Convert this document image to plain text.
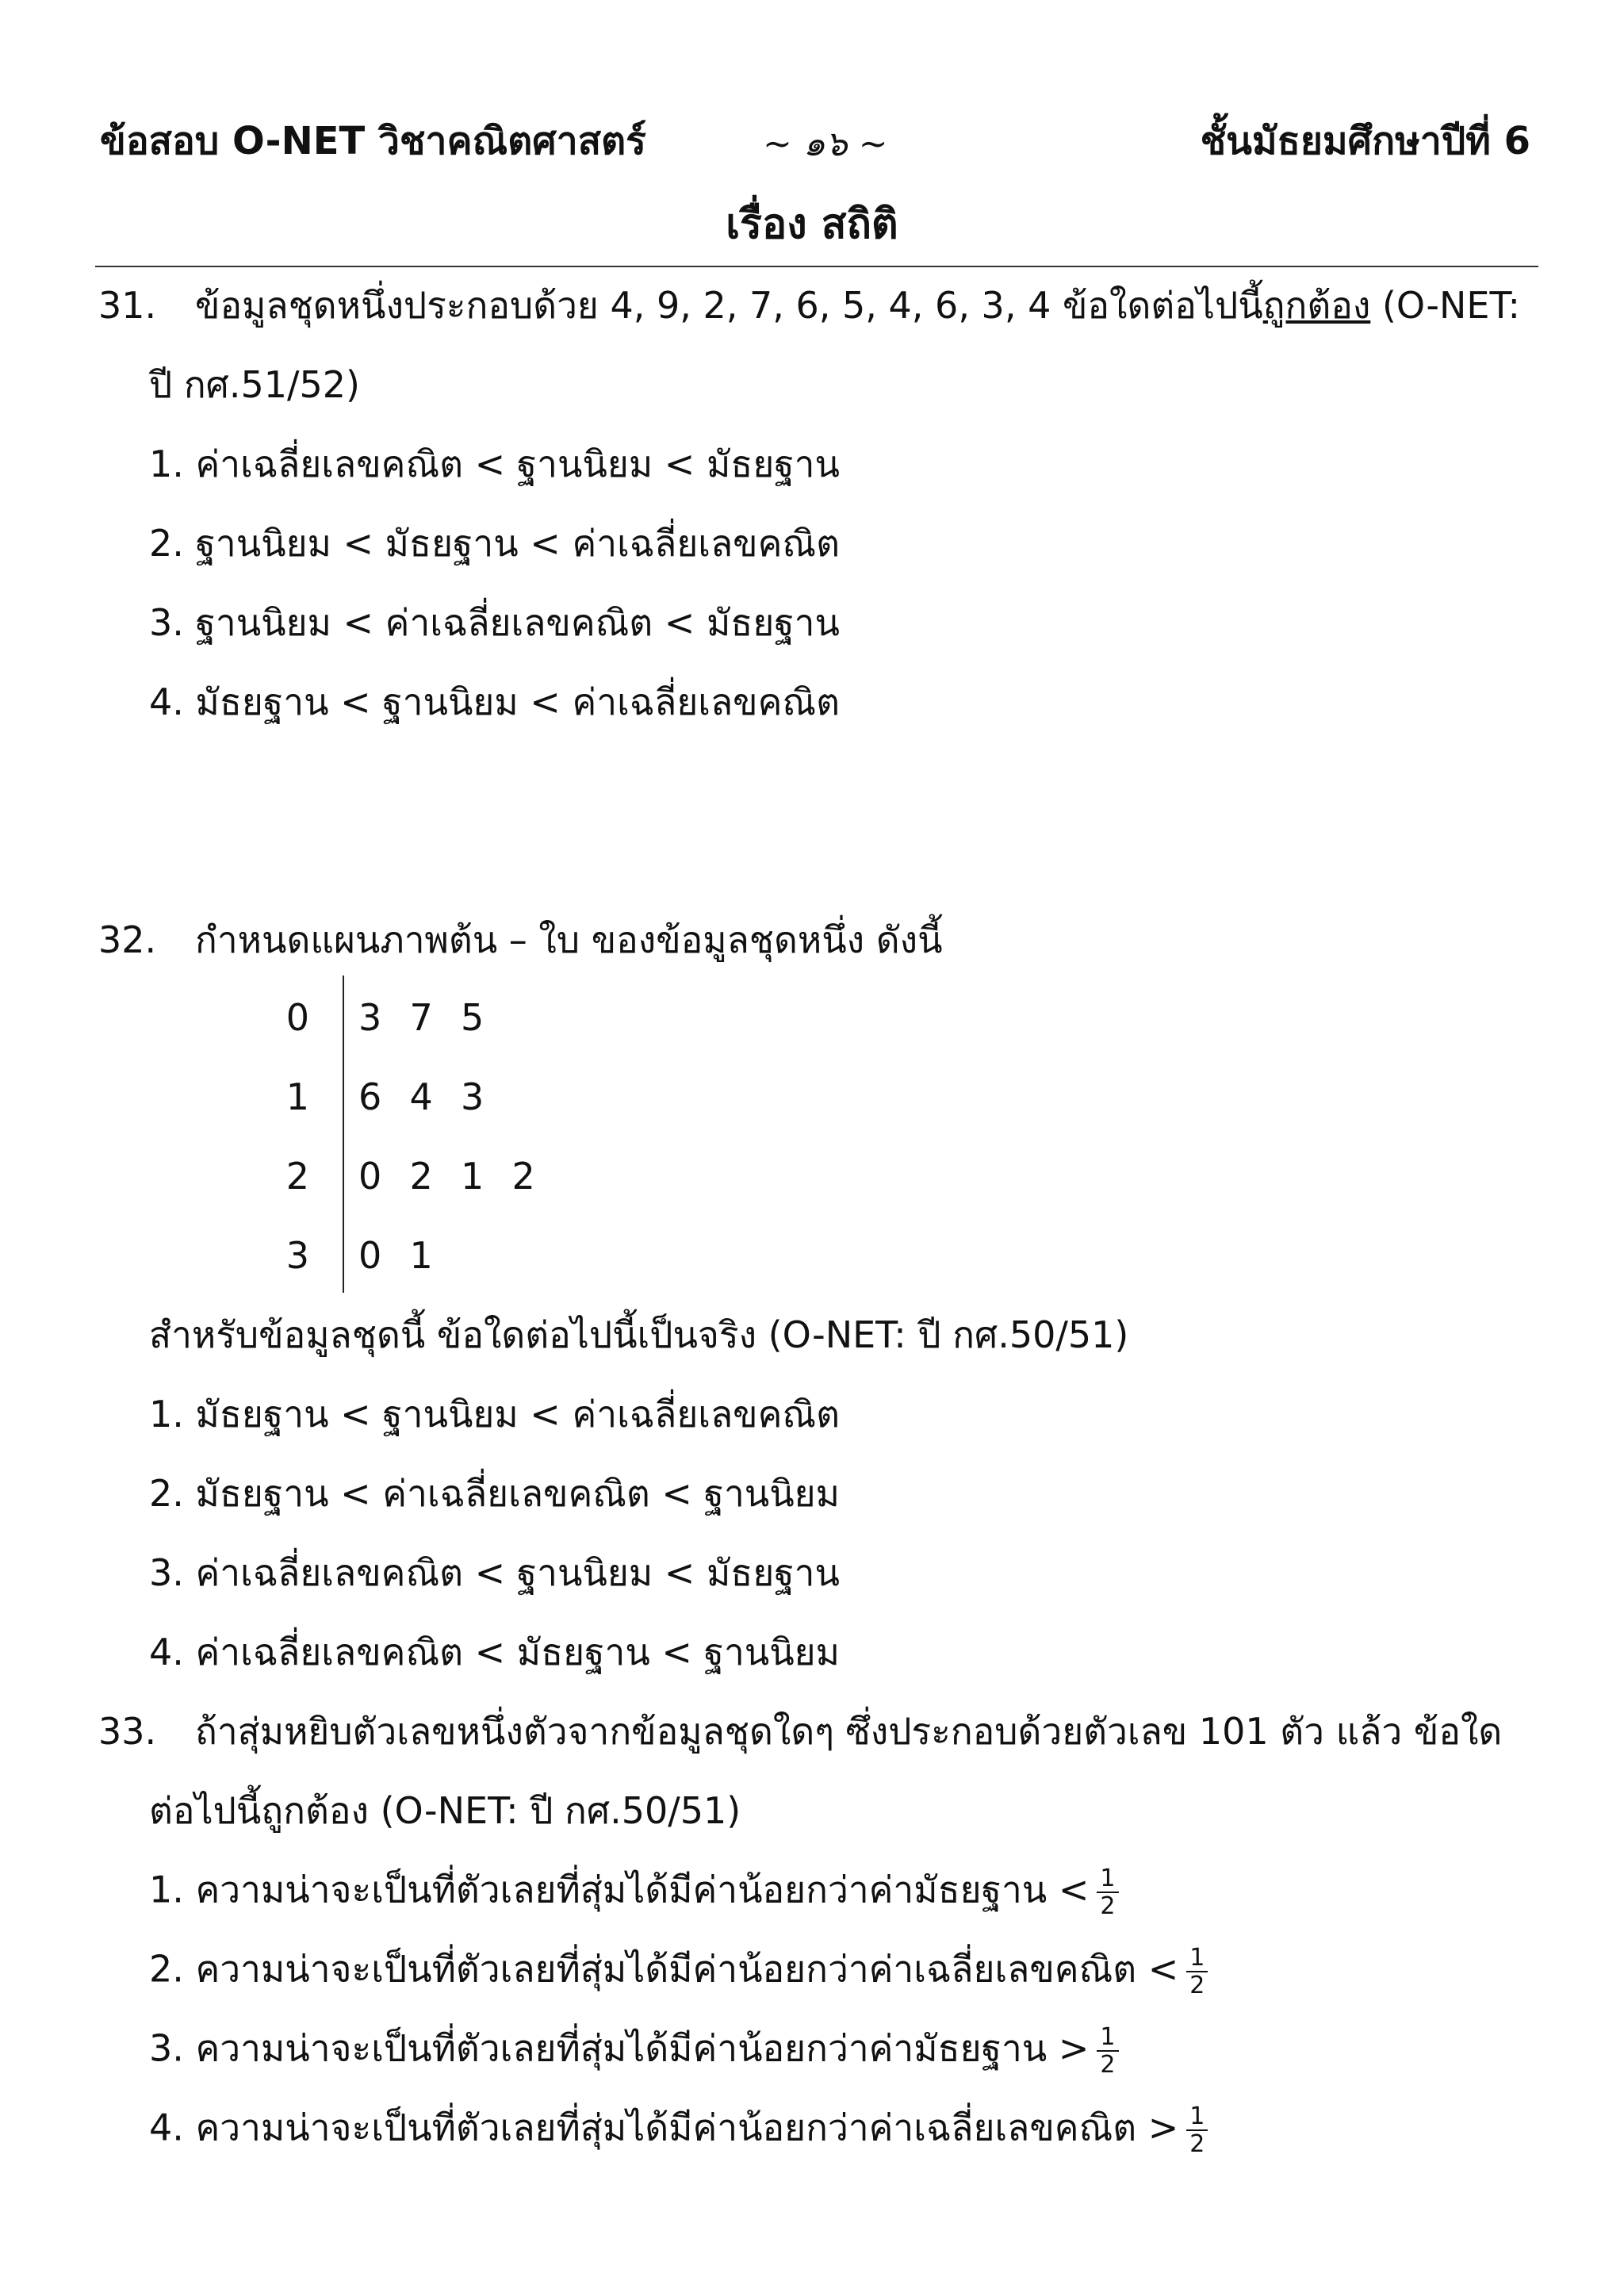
ข้อสอบ O-NET วิชาคณิตศาสตร์	~ ๑๖ ~	ชั้นมัธยมศึกษาปีที่ 6
เรื่อง สถิติ
31. ข้อมูลชุดหนึ่งประกอบด้วย 4, 9, 2, 7, 6, 5, 4, 6, 3, 4 ข้อใดต่อไปนี้ถูกต้อง (O-NET:
ปี กศ.51/52)
1. ค่าเฉลี่ยเลขคณิต < ฐานนิยม < มัธยฐาน
2. ฐานนิยม < มัธยฐาน < ค่าเฉลี่ยเลขคณิต
3. ฐานนิยม < ค่าเฉลี่ยเลขคณิต < มัธยฐาน
4. มัธยฐาน < ฐานนิยม < ค่าเฉลี่ยเลขคณิต
32. กำหนดแผนภาพต้น – ใบ ของข้อมูลชุดหนึ่ง ดังนี้
0 3  7  5
1 6  4  3
2 0  2  1  2
3 0  1
สำหรับข้อมูลชุดนี้ ข้อใดต่อไปนี้เป็นจริง (O-NET: ปี กศ.50/51)
1. มัธยฐาน < ฐานนิยม < ค่าเฉลี่ยเลขคณิต
2. มัธยฐาน < ค่าเฉลี่ยเลขคณิต < ฐานนิยม
3. ค่าเฉลี่ยเลขคณิต < ฐานนิยม < มัธยฐาน
4. ค่าเฉลี่ยเลขคณิต < มัธยฐาน < ฐานนิยม
33. ถ้าสุ่มหยิบตัวเลขหนึ่งตัวจากข้อมูลชุดใดๆ ซึ่งประกอบด้วยตัวเลข 101 ตัว แล้ว ข้อใด
ต่อไปนี้ถูกต้อง (O-NET: ปี กศ.50/51)
1. ความน่าจะเป็นที่ตัวเลยที่สุ่มได้มีค่าน้อยกว่าค่ามัธยฐาน < $\frac{1}{2}$
2. ความน่าจะเป็นที่ตัวเลยที่สุ่มได้มีค่าน้อยกว่าค่าเฉลี่ยเลขคณิต < $\frac{1}{2}$
3. ความน่าจะเป็นที่ตัวเลยที่สุ่มได้มีค่าน้อยกว่าค่ามัธยฐาน > $\frac{1}{2}$
4. ความน่าจะเป็นที่ตัวเลยที่สุ่มได้มีค่าน้อยกว่าค่าเฉลี่ยเลขคณิต > $\frac{1}{2}$
